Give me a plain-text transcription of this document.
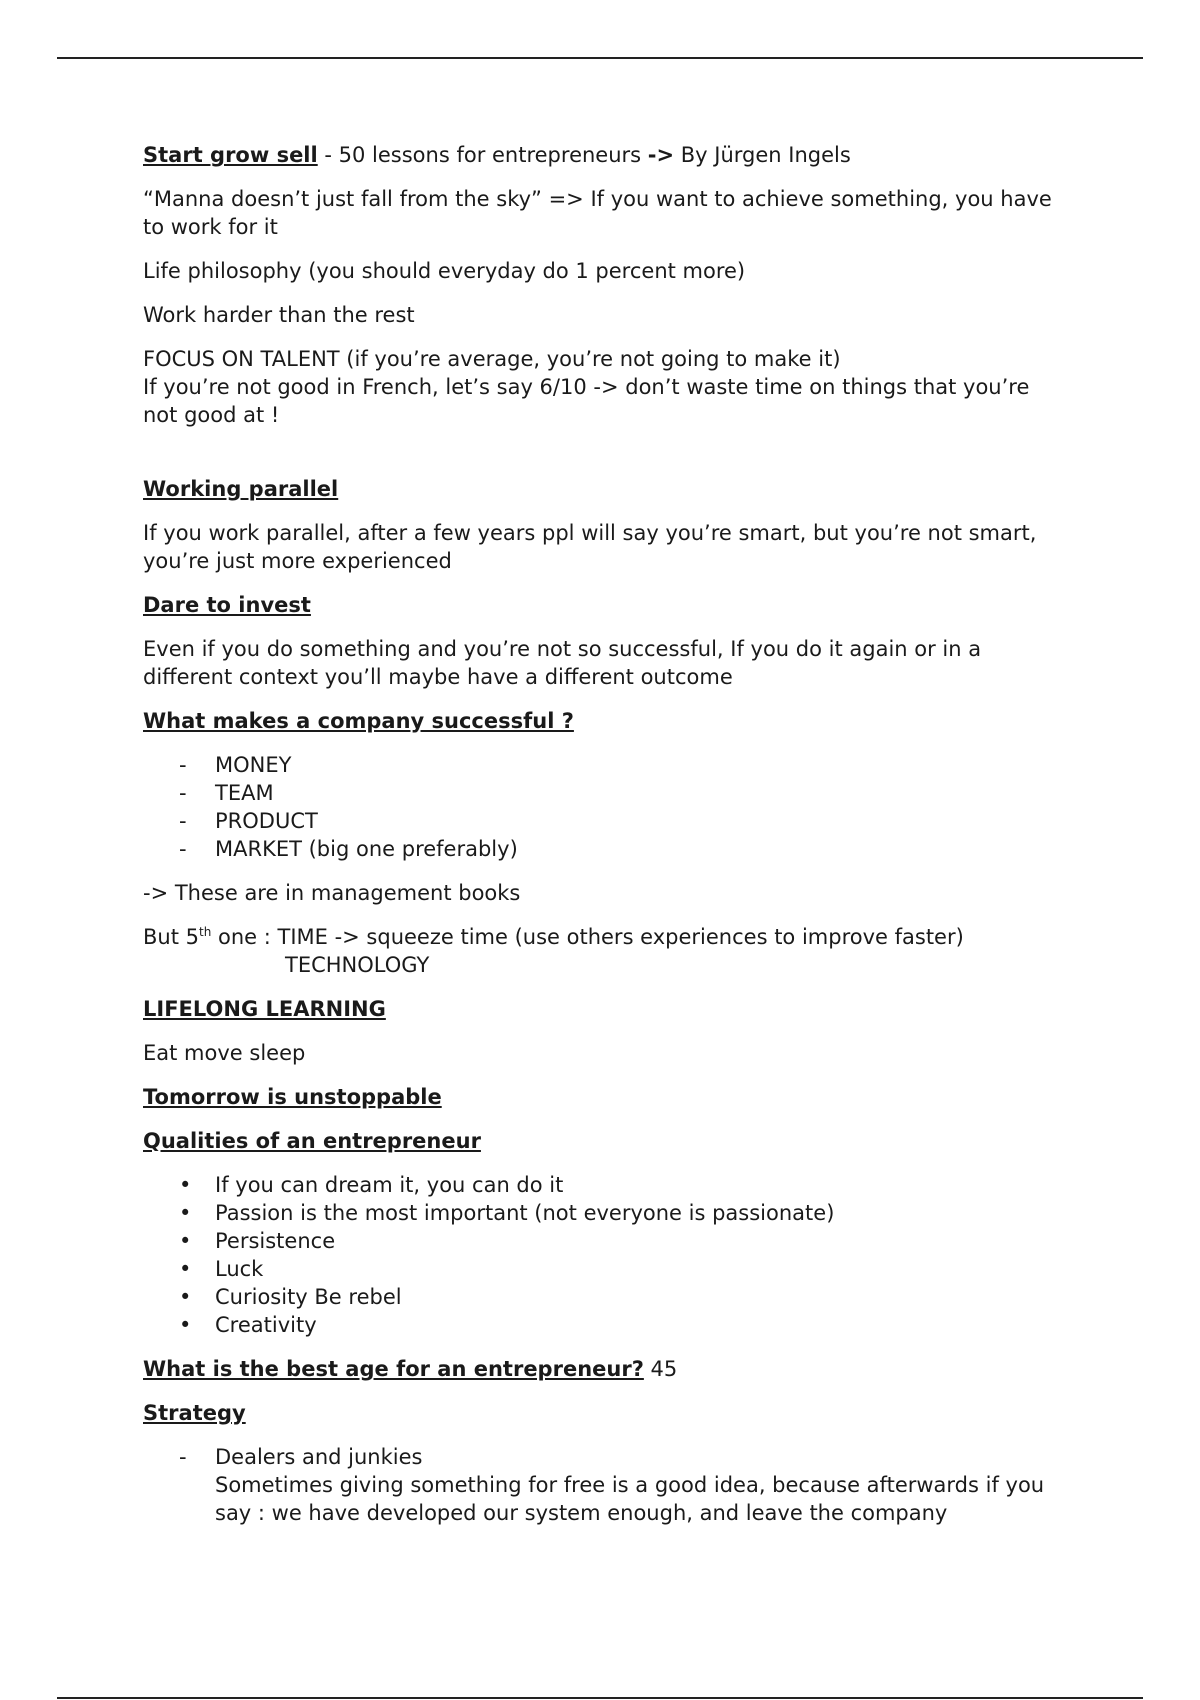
Start grow sell - 50 lessons for entrepreneurs -> By Jürgen Ingels

“Manna doesn’t just fall from the sky” => If you want to achieve something, you have to work for it

Life philosophy (you should everyday do 1 percent more)

Work harder than the rest

FOCUS ON TALENT (if you’re average, you’re not going to make it)

If you’re not good in French, let’s say 6/10 -> don’t waste time on things that you’re not good at !

Working parallel

If you work parallel, after a few years ppl will say you’re smart, but you’re not smart, you’re just more experienced

Dare to invest

Even if you do something and you’re not so successful, If you do it again or in a different context you’ll maybe have a different outcome

What makes a company successful ?

- MONEY
- TEAM
- PRODUCT
- MARKET (big one preferably)

-> These are in management books

But 5th one : TIME -> squeeze time (use others experiences to improve faster)

TECHNOLOGY

LIFELONG LEARNING

Eat move sleep

Tomorrow is unstoppable

Qualities of an entrepreneur

• If you can dream it, you can do it
• Passion is the most important (not everyone is passionate)
• Persistence
• Luck
• Curiosity Be rebel
• Creativity

What is the best age for an entrepreneur? 45

Strategy

- Dealers and junkies
Sometimes giving something for free is a good idea, because afterwards if you say : we have developed our system enough, and leave the company
